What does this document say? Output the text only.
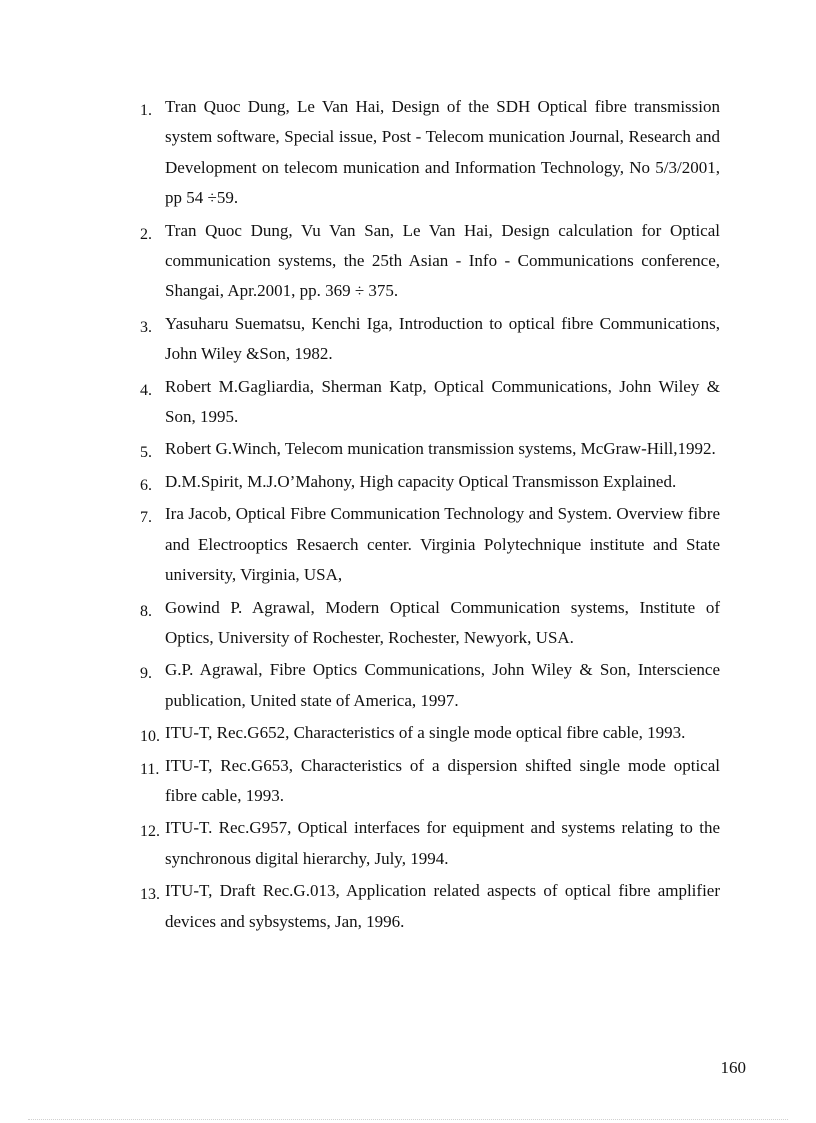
1. Tran Quoc Dung, Le Van Hai, Design of the SDH Optical fibre transmission system software, Special issue, Post - Telecom munication Journal, Research and Development on telecom munication and Information Technology, No 5/3/2001, pp 54 ÷59.
2. Tran Quoc Dung, Vu Van San, Le Van Hai, Design calculation for Optical communication systems, the 25th Asian - Info - Communications conference, Shangai, Apr.2001, pp. 369 ÷ 375.
3. Yasuharu Suematsu, Kenchi Iga, Introduction to optical fibre Communications, John Wiley &Son, 1982.
4. Robert M.Gagliardia, Sherman Katp, Optical Communications, John Wiley & Son, 1995.
5. Robert G.Winch, Telecom munication transmission systems, McGraw-Hill,1992.
6. D.M.Spirit, M.J.O’Mahony, High capacity Optical Transmisson Explained.
7. Ira Jacob, Optical Fibre Communication Technology and System. Overview fibre and Electrooptics Resaerch center. Virginia Polytechnique institute and State university, Virginia, USA,
8. Gowind P. Agrawal, Modern Optical Communication systems, Institute of Optics, University of Rochester, Rochester, Newyork, USA.
9. G.P. Agrawal, Fibre Optics Communications, John Wiley & Son, Interscience publication, United state of America, 1997.
10. ITU-T, Rec.G652, Characteristics of a single mode optical fibre cable, 1993.
11. ITU-T, Rec.G653, Characteristics of a dispersion shifted single mode optical fibre cable, 1993.
12. ITU-T. Rec.G957, Optical interfaces for equipment and systems relating to the synchronous digital hierarchy, July, 1994.
13. ITU-T, Draft Rec.G.013, Application related aspects of optical fibre amplifier devices and sybsystems, Jan, 1996.
160
